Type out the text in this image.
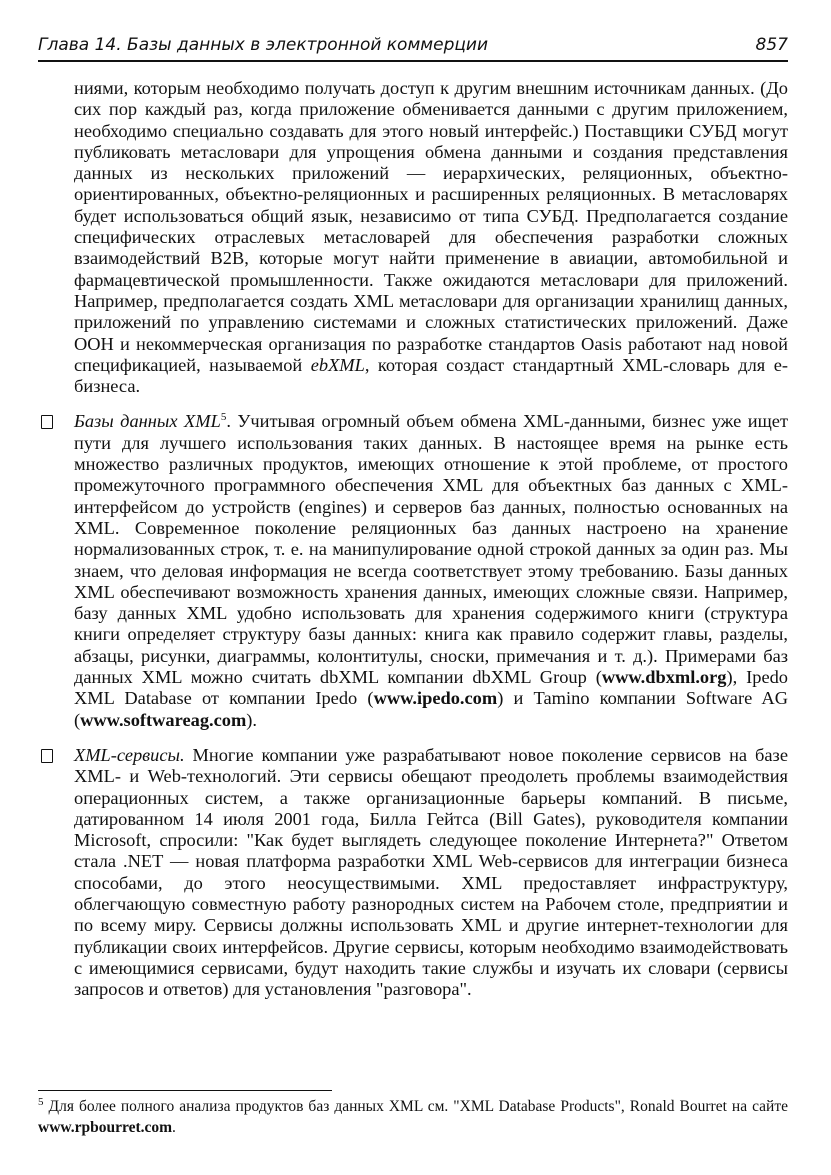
Глава 14. Базы данных в электронной коммерции	857

ниями, которым необходимо получать доступ к другим внешним источникам данных. (До сих пор каждый раз, когда приложение обменивается данными с другим приложением, необходимо специально создавать для этого новый интерфейс.) Поставщики СУБД могут публиковать метасловари для упрощения обмена данными и создания представления данных из нескольких приложений — иерархических, реляционных, объектно-ориентированных, объектно-реляционных и расширенных реляционных. В метасловарях будет использоваться общий язык, независимо от типа СУБД. Предполагается создание специфических отраслевых метасловарей для обеспечения разработки сложных взаимодействий B2B, которые могут найти применение в авиации, автомобильной и фармацевтической промышленности. Также ожидаются метасловари для приложений. Например, предполагается создать XML метасловари для организации хранилищ данных, приложений по управлению системами и сложных статистических приложений. Даже ООН и некоммерческая организация по разработке стандартов Oasis работают над новой спецификацией, называемой ebXML, которая создаст стандартный XML-словарь для е-бизнеса.

Базы данных XML$^5$. Учитывая огромный объем обмена XML-данными, бизнес уже ищет пути для лучшего использования таких данных. В настоящее время на рынке есть множество различных продуктов, имеющих отношение к этой проблеме, от простого промежуточного программного обеспечения XML для объектных баз данных с XML-интерфейсом до устройств (engines) и серверов баз данных, полностью основанных на XML. Современное поколение реляционных баз данных настроено на хранение нормализованных строк, т. е. на манипулирование одной строкой данных за один раз. Мы знаем, что деловая информация не всегда соответствует этому требованию. Базы данных XML обеспечивают возможность хранения данных, имеющих сложные связи. Например, базу данных XML удобно использовать для хранения содержимого книги (структура книги определяет структуру базы данных: книга как правило содержит главы, разделы, абзацы, рисунки, диаграммы, колонтитулы, сноски, примечания и т. д.). Примерами баз данных XML можно считать dbXML компании dbXML Group (www.dbxml.org), Ipedo XML Database от компании Ipedo (www.ipedo.com) и Tamino компании Software AG (www.softwareag.com).
XML-сервисы. Многие компании уже разрабатывают новое поколение сервисов на базе XML- и Web-технологий. Эти сервисы обещают преодолеть проблемы взаимодействия операционных систем, а также организационные барьеры компаний. В письме, датированном 14 июля 2001 года, Билла Гейтса (Bill Gates), руководителя компании Microsoft, спросили: "Как будет выглядеть следующее поколение Интернета?" Ответом стала .NET — новая платформа разработки XML Web-сервисов для интеграции бизнеса способами, до этого неосуществимыми. XML предоставляет инфраструктуру, облегчающую совместную работу разнородных систем на Рабочем столе, предприятии и по всему миру. Сервисы должны использовать XML и другие интернет-технологии для публикации своих интерфейсов. Другие сервисы, которым необходимо взаимодействовать с имеющимися сервисами, будут находить такие службы и изучать их словари (сервисы запросов и ответов) для установления "разговора".
$^5$ Для более полного анализа продуктов баз данных XML см. "XML Database Products", Ronald Bourret на сайте www.rpbourret.com.
